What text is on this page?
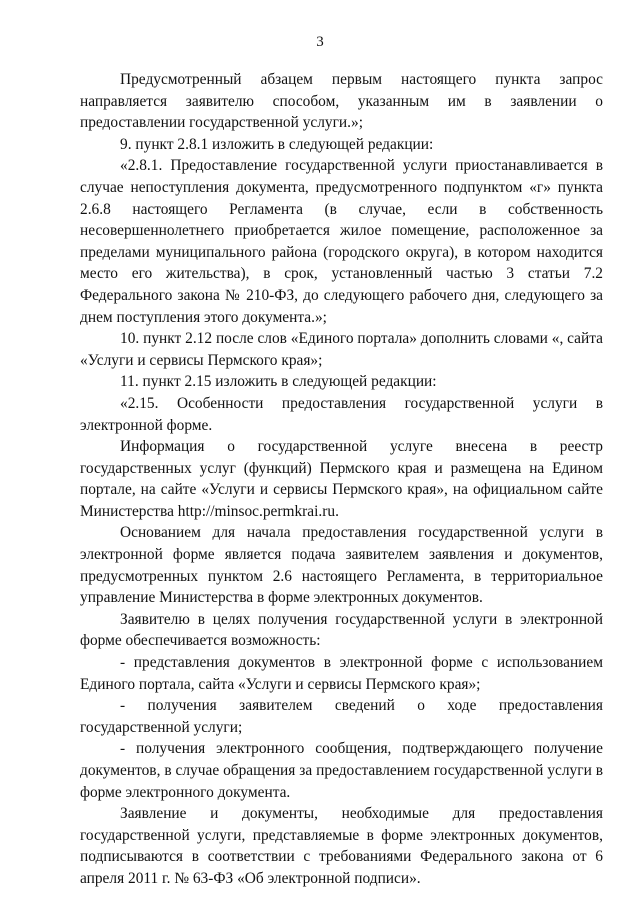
3

Предусмотренный абзацем первым настоящего пункта запрос направляется заявителю способом, указанным им в заявлении о предоставлении государственной услуги.»;

9. пункт 2.8.1 изложить в следующей редакции:

«2.8.1. Предоставление государственной услуги приостанавливается в случае непоступления документа, предусмотренного подпунктом «г» пункта 2.6.8 настоящего Регламента (в случае, если в собственность несовершеннолетнего приобретается жилое помещение, расположенное за пределами муниципального района (городского округа), в котором находится место его жительства), в срок, установленный частью 3 статьи 7.2 Федерального закона № 210-ФЗ, до следующего рабочего дня, следующего за днем поступления этого документа.»;

10. пункт 2.12 после слов «Единого портала» дополнить словами «, сайта «Услуги и сервисы Пермского края»;

11. пункт 2.15 изложить в следующей редакции:

«2.15. Особенности предоставления государственной услуги в электронной форме.

Информация о государственной услуге внесена в реестр государственных услуг (функций) Пермского края и размещена на Едином портале, на сайте «Услуги и сервисы Пермского края», на официальном сайте Министерства http://minsoc.permkrai.ru.

Основанием для начала предоставления государственной услуги в электронной форме является подача заявителем заявления и документов, предусмотренных пунктом 2.6 настоящего Регламента, в территориальное управление Министерства в форме электронных документов.

Заявителю в целях получения государственной услуги в электронной форме обеспечивается возможность:

- представления документов в электронной форме с использованием Единого портала, сайта «Услуги и сервисы Пермского края»;

- получения заявителем сведений о ходе предоставления государственной услуги;

- получения электронного сообщения, подтверждающего получение документов, в случае обращения за предоставлением государственной услуги в форме электронного документа.

Заявление и документы, необходимые для предоставления государственной услуги, представляемые в форме электронных документов, подписываются в соответствии с требованиями Федерального закона от 6 апреля 2011 г. № 63-ФЗ «Об электронной подписи».
